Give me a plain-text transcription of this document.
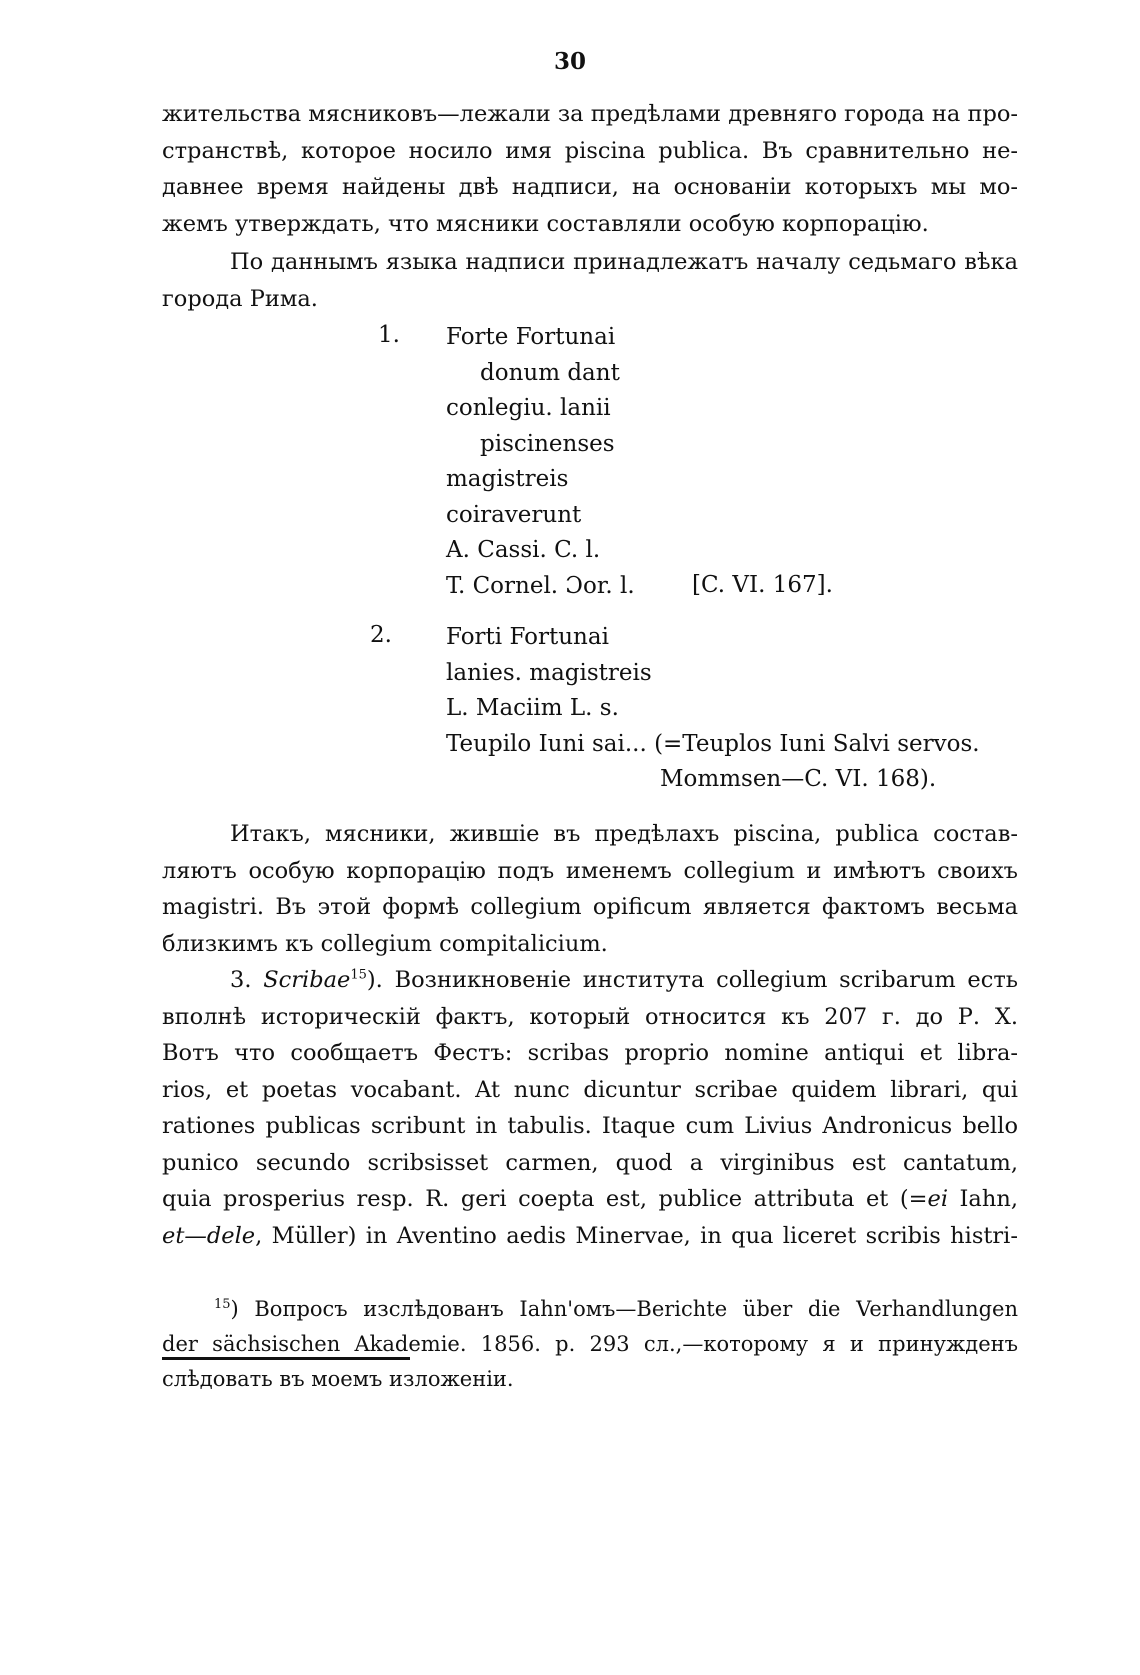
30
жительства мясниковъ—лежали за предѣлами древняго города на про-
странствѣ, которое носило имя piscina publica. Въ сравнительно не-
давнее время найдены двѣ надписи, на основанiи которыхъ мы мо-
жемъ утверждать, что мясники составляли особую корпорацiю.
По даннымъ языка надписи принадлежатъ началу седьмаго вѣка
города Рима.
1. Forte Fortunai
donum dant
conlegiu. lanii
piscinenses
magistreis
coiraverunt
A. Cassi. C. l.
T. Cornel. Ɔor. l. [C. VI. 167].
2. Forti Fortunai
lanies. magistreis
L. Maciim L. s.
Teupilo Iuni sai... (=Teuplos Iuni Salvi servos.
Mommsen—C. VI. 168).
Итакъ, мясники, жившiе въ предѣлахъ piscina, publica состав-
ляютъ особую корпорацiю подъ именемъ collegium и имѣютъ своихъ
magistri. Въ этой формѣ collegium opificum является фактомъ весьма
близкимъ къ collegium compitalicium.
3. Scribae$^{15}$). Возникновенiе института collegium scribarum есть
вполнѣ историческiй фактъ, который относится къ 207 г. до Р. Х.
Вотъ что сообщаетъ Фестъ: scribas proprio nomine antiqui et libra-
rios, et poetas vocabant. At nunc dicuntur scribae quidem librari, qui
rationes publicas scribunt in tabulis. Itaque cum Livius Andronicus bello
punico secundo scribsisset carmen, quod a virginibus est cantatum,
quia prosperius resp. R. geri coepta est, publice attributa et (=ei Iahn,
et—dele, Müller) in Aventino aedis Minervae, in qua liceret scribis histri-
$^{15}$) Вопросъ изслѣдованъ Iahn'омъ—Berichte über die Verhandlungen
der sächsischen Akademie. 1856. p. 293 сл.,—которому я и принужденъ
слѣдовать въ моемъ изложенiи.
